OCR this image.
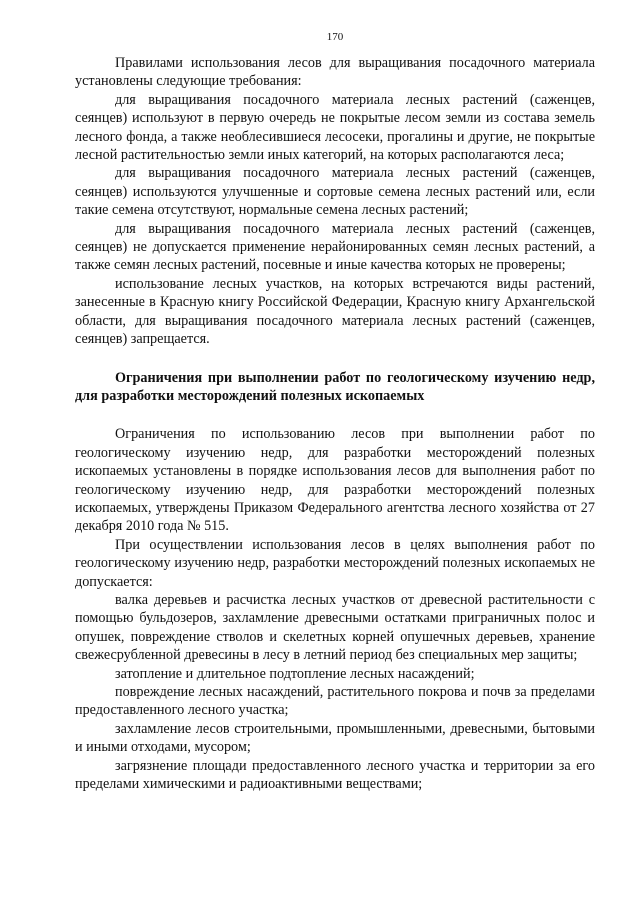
170

Правилами использования лесов для выращивания посадочного материала установлены следующие требования:

для выращивания посадочного материала лесных растений (саженцев, сеянцев) используют в первую очередь не покрытые лесом земли из состава земель лесного фонда, а также необлесившиеся лесосеки, прогалины и другие, не покрытые лесной растительностью земли иных категорий, на которых располагаются леса;

для выращивания посадочного материала лесных растений (саженцев, сеянцев) используются улучшенные и сортовые семена лесных растений или, если такие семена отсутствуют, нормальные семена лесных растений;

для выращивания посадочного материала лесных растений (саженцев, сеянцев) не допускается применение нерайонированных семян лесных растений, а также семян лесных растений, посевные и иные качества которых не проверены;

использование лесных участков, на которых встречаются виды растений, занесенные в Красную книгу Российской Федерации, Красную книгу Архангельской области, для выращивания посадочного материала лесных растений (саженцев, сеянцев) запрещается.

Ограничения при выполнении работ по геологическому изучению недр, для разработки месторождений полезных ископаемых

Ограничения по использованию лесов при выполнении работ по геологическому изучению недр, для разработки месторождений полезных ископаемых установлены в порядке использования лесов для выполнения работ по геологическому изучению недр, для разработки месторождений полезных ископаемых, утверждены Приказом Федерального агентства лесного хозяйства от 27 декабря 2010 года № 515.

При осуществлении использования лесов в целях выполнения работ по геологическому изучению недр, разработки месторождений полезных ископаемых не допускается:

валка деревьев и расчистка лесных участков от древесной растительности с помощью бульдозеров, захламление древесными остатками приграничных полос и опушек, повреждение стволов и скелетных корней опушечных деревьев, хранение свежесрубленной древесины в лесу в летний период без специальных мер защиты;

затопление и длительное подтопление лесных насаждений;

повреждение лесных насаждений, растительного покрова и почв за пределами предоставленного лесного участка;

захламление лесов строительными, промышленными, древесными, бытовыми и иными отходами, мусором;

загрязнение площади предоставленного лесного участка и территории за его пределами химическими и радиоактивными веществами;
